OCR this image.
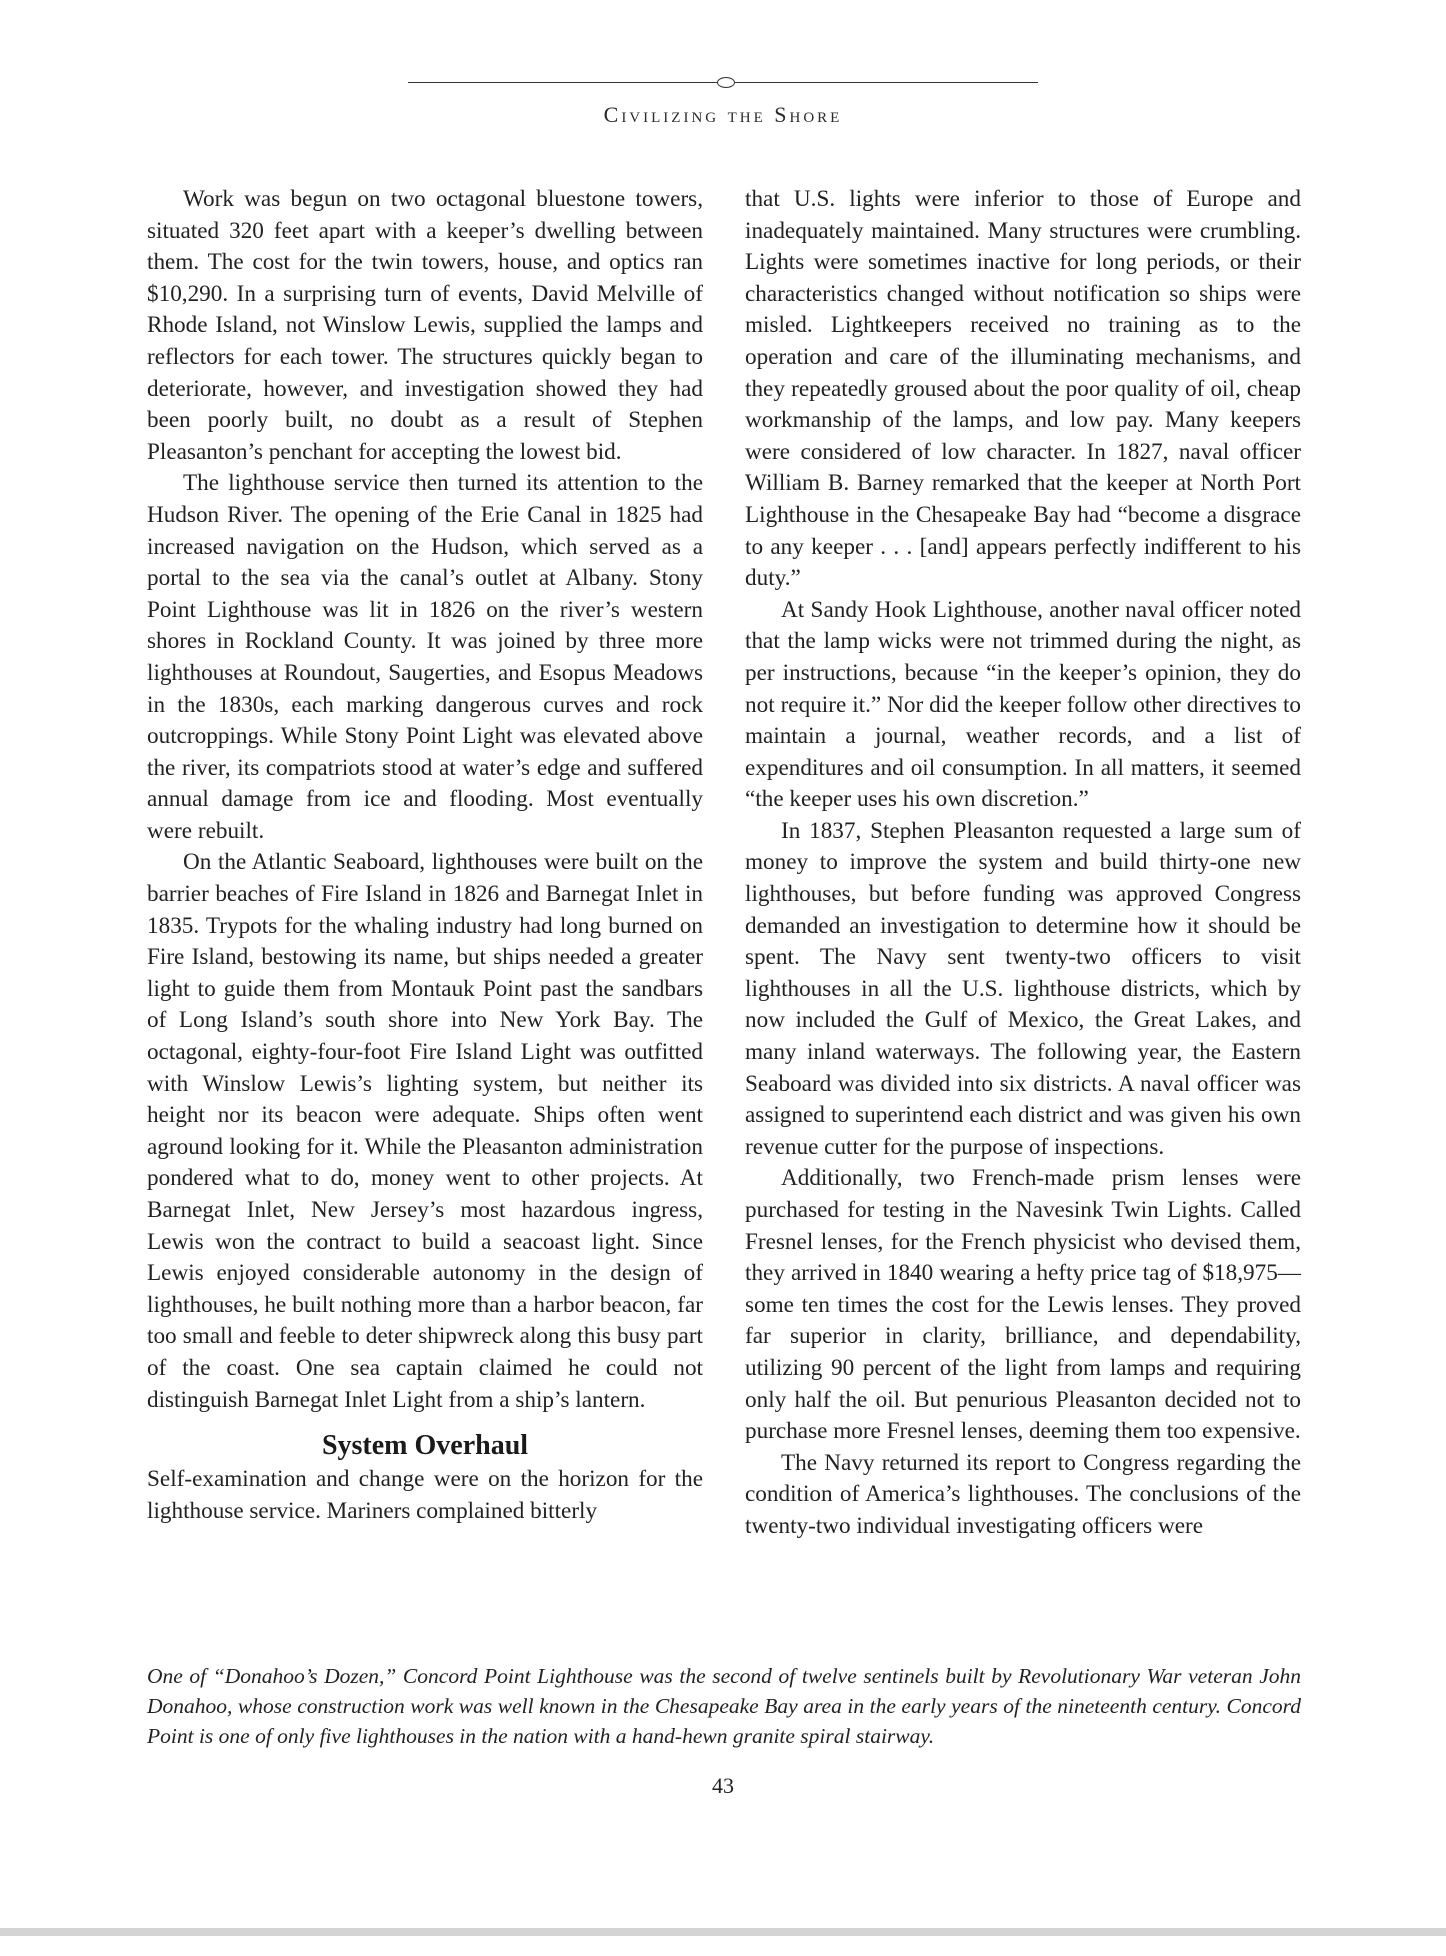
Civilizing the Shore

Work was begun on two octagonal bluestone towers, situated 320 feet apart with a keeper’s dwelling between them. The cost for the twin towers, house, and optics ran $10,290. In a surprising turn of events, David Melville of Rhode Island, not Winslow Lewis, supplied the lamps and reflectors for each tower. The structures quickly began to deteriorate, however, and investigation showed they had been poorly built, no doubt as a result of Stephen Pleasanton’s penchant for accepting the lowest bid.

The lighthouse service then turned its attention to the Hudson River. The opening of the Erie Canal in 1825 had increased navigation on the Hudson, which served as a portal to the sea via the canal’s outlet at Albany. Stony Point Lighthouse was lit in 1826 on the river’s western shores in Rockland County. It was joined by three more lighthouses at Roundout, Saugerties, and Esopus Meadows in the 1830s, each marking dangerous curves and rock outcroppings. While Stony Point Light was elevated above the river, its compatriots stood at water’s edge and suffered annual damage from ice and flooding. Most eventually were rebuilt.

On the Atlantic Seaboard, lighthouses were built on the barrier beaches of Fire Island in 1826 and Barnegat Inlet in 1835. Trypots for the whaling industry had long burned on Fire Island, bestowing its name, but ships needed a greater light to guide them from Montauk Point past the sandbars of Long Island’s south shore into New York Bay. The octagonal, eighty-four-foot Fire Island Light was outfitted with Winslow Lewis’s lighting system, but neither its height nor its beacon were adequate. Ships often went aground looking for it. While the Pleasanton administration pondered what to do, money went to other projects. At Barnegat Inlet, New Jersey’s most hazardous ingress, Lewis won the contract to build a seacoast light. Since Lewis enjoyed considerable autonomy in the design of lighthouses, he built nothing more than a harbor beacon, far too small and feeble to deter shipwreck along this busy part of the coast. One sea captain claimed he could not distinguish Barnegat Inlet Light from a ship’s lantern.

System Overhaul

Self-examination and change were on the horizon for the lighthouse service. Mariners complained bitterly

that U.S. lights were inferior to those of Europe and inadequately maintained. Many structures were crumbling. Lights were sometimes inactive for long periods, or their characteristics changed without notification so ships were misled. Lightkeepers received no training as to the operation and care of the illuminating mechanisms, and they repeatedly groused about the poor quality of oil, cheap workmanship of the lamps, and low pay. Many keepers were considered of low character. In 1827, naval officer William B. Barney remarked that the keeper at North Port Lighthouse in the Chesapeake Bay had “become a disgrace to any keeper . . . [and] appears perfectly indifferent to his duty.”

At Sandy Hook Lighthouse, another naval officer noted that the lamp wicks were not trimmed during the night, as per instructions, because “in the keeper’s opinion, they do not require it.” Nor did the keeper follow other directives to maintain a journal, weather records, and a list of expenditures and oil consumption. In all matters, it seemed “the keeper uses his own discretion.”

In 1837, Stephen Pleasanton requested a large sum of money to improve the system and build thirty-one new lighthouses, but before funding was approved Congress demanded an investigation to determine how it should be spent. The Navy sent twenty-two officers to visit lighthouses in all the U.S. lighthouse districts, which by now included the Gulf of Mexico, the Great Lakes, and many inland waterways. The following year, the Eastern Seaboard was divided into six districts. A naval officer was assigned to superintend each district and was given his own revenue cutter for the purpose of inspections.

Additionally, two French-made prism lenses were purchased for testing in the Navesink Twin Lights. Called Fresnel lenses, for the French physicist who devised them, they arrived in 1840 wearing a hefty price tag of $18,975—some ten times the cost for the Lewis lenses. They proved far superior in clarity, brilliance, and dependability, utilizing 90 percent of the light from lamps and requiring only half the oil. But penurious Pleasanton decided not to purchase more Fresnel lenses, deeming them too expensive.

The Navy returned its report to Congress regarding the condition of America’s lighthouses. The conclusions of the twenty-two individual investigating officers were

One of “Donahoo’s Dozen,” Concord Point Lighthouse was the second of twelve sentinels built by Revolutionary War veteran John Donahoo, whose construction work was well known in the Chesapeake Bay area in the early years of the nineteenth century. Concord Point is one of only five lighthouses in the nation with a hand-hewn granite spiral stairway.
43
